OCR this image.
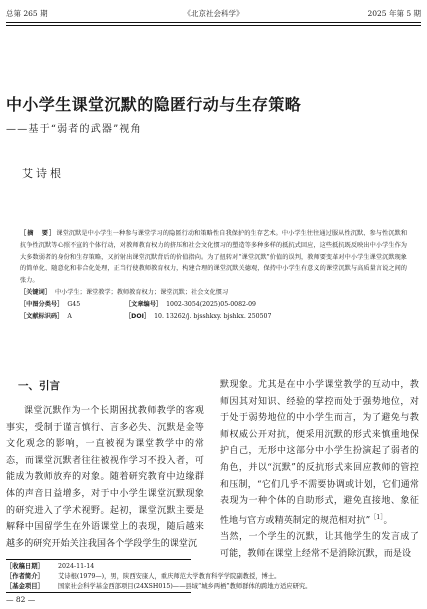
总第 265 期	《北京社会科学》	2025 年第 5 期
中小学生课堂沉默的隐匿行动与生存策略
——基于“弱者的武器”视角
艾诗根
［摘　要］课堂沉默是中小学生一种参与课堂学习的隐匿行动和策略性自我保护的生存艺术。中小学生往往通过服从性沉默、参与性沉默和抗争性沉默等心照不宣的个体行动，对教师教育权力的挤压和社会文化惯习的塑造等多种多样的抵抗式回应，这些抵抗既反映出中小学生作为大多数弱者的身份和生存策略，又折射出课堂沉默背后的价值指向。为了扭转对“课堂沉默”价值的误判，教师要变革对中小学生课堂沉默现象的简单化、随意化和非合化处理，正当行使教师教育权力，构建合理的课堂沉默关德观，保持中小学生有意义的课堂沉默与高质量言说之间的张力。
［关键词］ 中小学生；课堂教学；教师教育权力；课堂沉默；社会文化惯习
［中图分类号］ G45	［文章编号］ 1002-3054(2025)05-0082-09
［文献标识码］ A	［DOI］ 10. 13262/j. bjsshkxy. bjshkx. 250507
一、引言

课堂沉默作为一个长期困扰教师教学的客观事实，受制于谨言慎行、言多必失、沉默是金等文化观念的影响，一直被视为课堂教学中的常态，而课堂沉默者往往被视作学习不投入者，可能成为教师放弃的对象。随着研究教育中边缘群体的声音日益增多，对于中小学生课堂沉默现象的研究进入了学术视野。起初，课堂沉默主要是解释中国留学生在外语课堂上的表现，随后越来越多的研究开始关注我国各个学段学生的课堂沉

默现象。尤其是在中小学课堂教学的互动中，教师因其对知识、经验的掌控而处于强势地位，对于处于弱势地位的中小学生而言，为了避免与教师权威公开对抗，便采用沉默的形式来慎重地保护自己，无形中这部分中小学生扮演起了弱者的角色，并以“沉默”的反抗形式来回应教师的管控和压制，“它们几乎不需要协调或计划，它们通常表现为一种个体的自助形式，避免直接地、象征性地与官方或精英制定的规范相对抗”$^{[1]}$。

当然，一个学生的沉默，让其他学生的发言成了可能，教师在课堂上经常不是消除沉默，而是设

［收稿日期］ 2024-11-14
［作者简介］ 艾诗根(1979—)，男，陕西安康人，重庆师范大学教育科学学院副教授，博士。
［基金项目］ 国家社会科学基金西部项目(24XSH015)——县域“城乡两栖”教师群体的跨地方适应研究。
— 82 —
